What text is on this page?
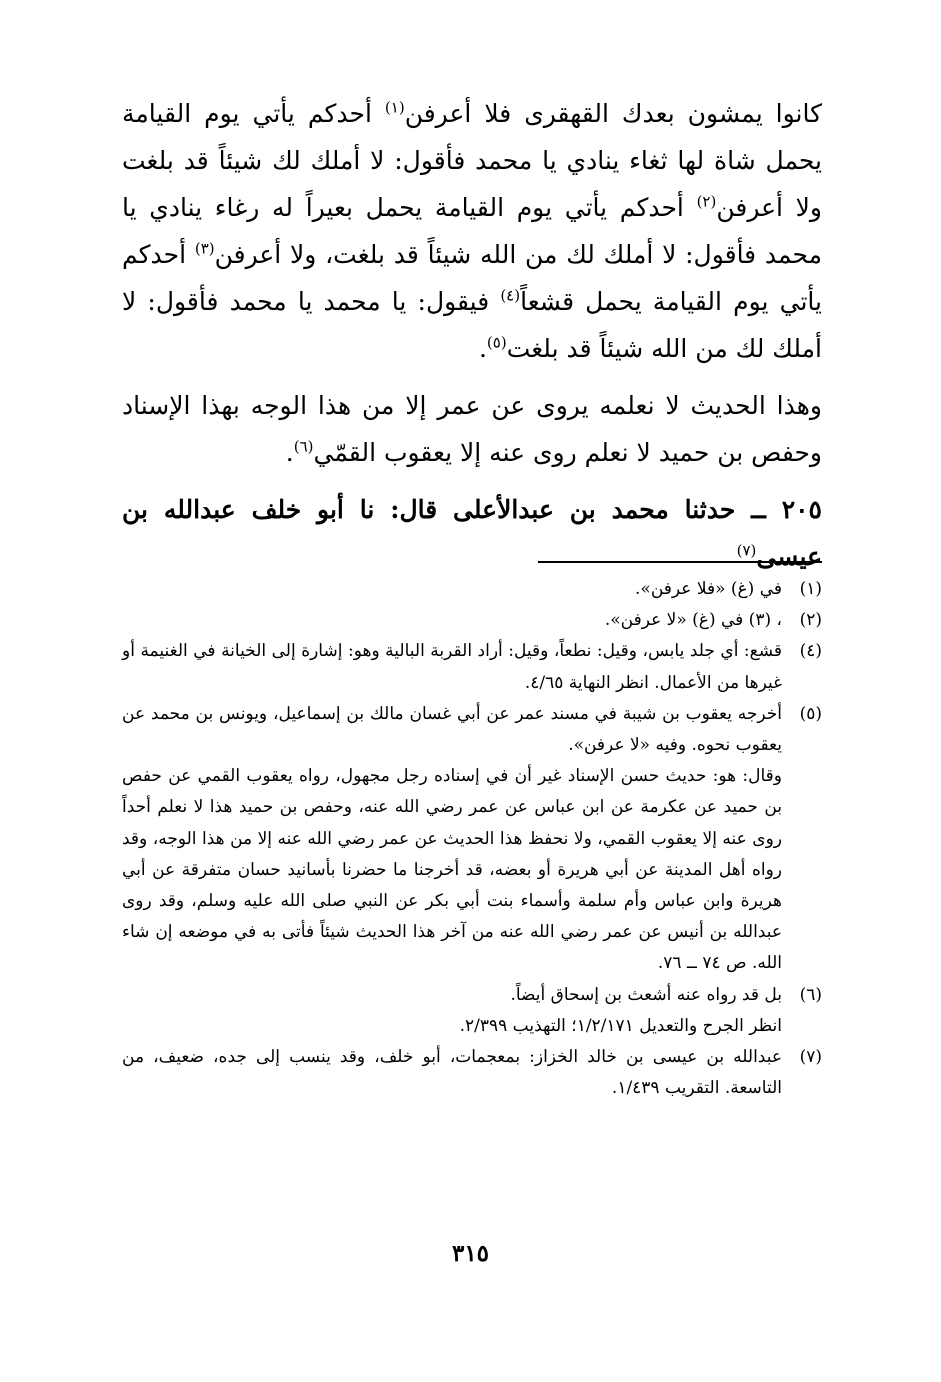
كانوا يمشون بعدك القهقرى فلا أعرفن$^{(١)}$ أحدكم يأتي يوم القيامة يحمل شاة لها ثغاء ينادي يا محمد فأقول: لا أملك لك شيئاً قد بلغت ولا أعرفن$^{(٢)}$ أحدكم يأتي يوم القيامة يحمل بعيراً له رغاء ينادي يا محمد فأقول: لا أملك لك من الله شيئاً قد بلغت، ولا أعرفن$^{(٣)}$ أحدكم يأتي يوم القيامة يحمل قشعاً$^{(٤)}$ فيقول: يا محمد يا محمد فأقول: لا أملك لك من الله شيئاً قد بلغت$^{(٥)}$.

وهذا الحديث لا نعلمه يروى عن عمر إلا من هذا الوجه بهذا الإسناد وحفص بن حميد لا نعلم روى عنه إلا يعقوب القمّي$^{(٦)}$.

٢٠٥ ــ حدثنا محمد بن عبدالأعلى قال: نا أبو خلف عبدالله بن عيسى$^{(٧)}$

(١)
في (غ) «فلا عرفن».
(٢)
، (٣) في (غ) «لا عرفن».
(٤)
قشع: أي جلد يابس، وقيل: نطعاً، وقيل: أراد القربة البالية وهو: إشارة إلى الخيانة في الغنيمة أو غيرها من الأعمال. انظر النهاية ٤/٦٥.
(٥)
أخرجه يعقوب بن شيبة في مسند عمر عن أبي غسان مالك بن إسماعيل، ويونس بن محمد عن يعقوب نحوه. وفيه «لا عرفن».
وقال: هو: حديث حسن الإسناد غير أن في إسناده رجل مجهول، رواه يعقوب القمي عن حفص بن حميد عن عكرمة عن ابن عباس عن عمر رضي الله عنه، وحفص بن حميد هذا لا نعلم أحداً روى عنه إلا يعقوب القمي، ولا نحفظ هذا الحديث عن عمر رضي الله عنه إلا من هذا الوجه، وقد رواه أهل المدينة عن أبي هريرة أو بعضه، قد أخرجنا ما حضرنا بأسانيد حسان متفرقة عن أبي هريرة وابن عباس وأم سلمة وأسماء بنت أبي بكر عن النبي صلى الله عليه وسلم، وقد روى عبدالله بن أنيس عن عمر رضي الله عنه من آخر هذا الحديث شيئاً فأتى به في موضعه إن شاء الله. ص ٧٤ ــ ٧٦.
(٦)
بل قد رواه عنه أشعث بن إسحاق أيضاً.
انظر الجرح والتعديل ١/٢/١٧١؛ التهذيب ٢/٣٩٩.
(٧)
عبدالله بن عيسى بن خالد الخزاز: بمعجمات، أبو خلف، وقد ينسب إلى جده، ضعيف، من التاسعة. التقريب ١/٤٣٩.
٣١٥
